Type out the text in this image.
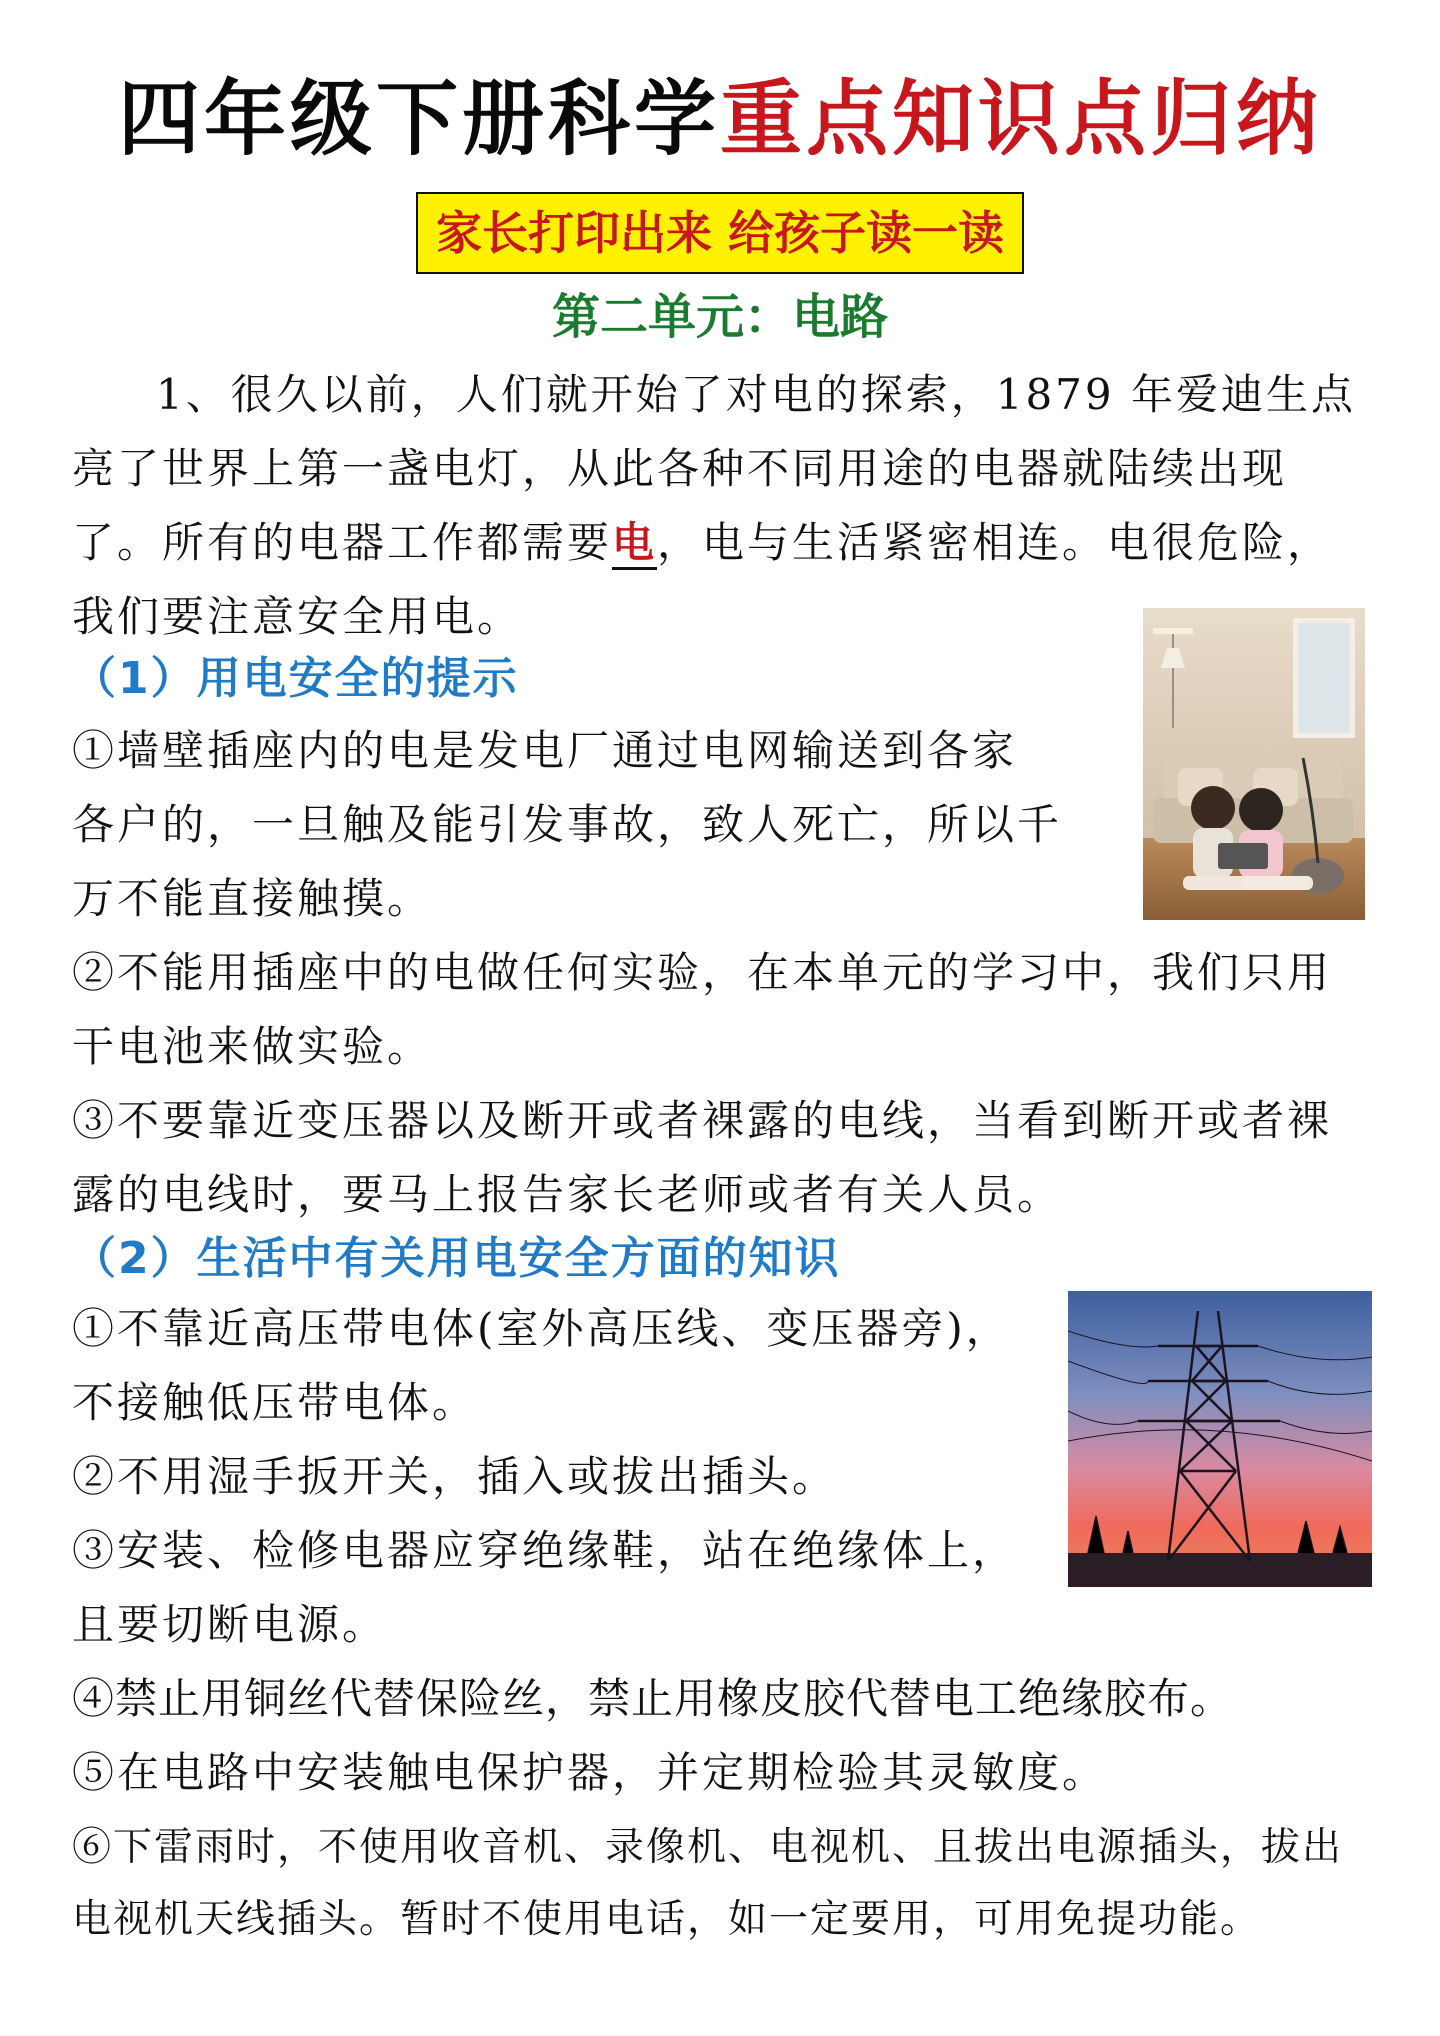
四年级下册科学重点知识点归纳
家长打印出来 给孩子读一读
第二单元：电路
1、很久以前，人们就开始了对电的探索，1879 年爱迪生点亮了世界上第一盏电灯，从此各种不同用途的电器就陆续出现了。所有的电器工作都需要电，电与生活紧密相连。电很危险，我们要注意安全用电。
（1）用电安全的提示
①墙壁插座内的电是发电厂通过电网输送到各家
各户的，一旦触及能引发事故，致人死亡，所以千
万不能直接触摸。
②不能用插座中的电做任何实验，在本单元的学习中，我们只用干电池来做实验。
③不要靠近变压器以及断开或者裸露的电线，当看到断开或者裸露的电线时，要马上报告家长老师或者有关人员。
（2）生活中有关用电安全方面的知识
①不靠近高压带电体(室外高压线、变压器旁)，
不接触低压带电体。
②不用湿手扳开关，插入或拔出插头。
③安装、检修电器应穿绝缘鞋，站在绝缘体上，
且要切断电源。
④禁止用铜丝代替保险丝，禁止用橡皮胶代替电工绝缘胶布。
⑤在电路中安装触电保护器，并定期检验其灵敏度。
⑥下雷雨时，不使用收音机、录像机、电视机、且拔出电源插头，拔出电视机天线插头。暂时不使用电话，如一定要用，可用免提功能。
